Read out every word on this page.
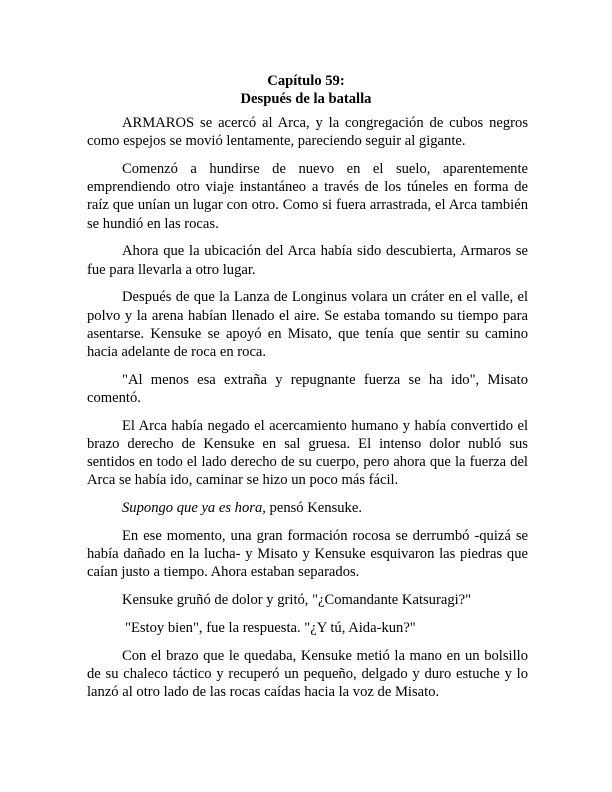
Capítulo 59:
Después de la batalla

ARMAROS se acercó al Arca, y la congregación de cubos negros como espejos se movió lentamente, pareciendo seguir al gigante.

Comenzó a hundirse de nuevo en el suelo, aparentemente emprendiendo otro viaje instantáneo a través de los túneles en forma de raíz que unían un lugar con otro. Como si fuera arrastrada, el Arca también se hundió en las rocas.

Ahora que la ubicación del Arca había sido descubierta, Armaros se fue para llevarla a otro lugar.

Después de que la Lanza de Longinus volara un cráter en el valle, el polvo y la arena habían llenado el aire. Se estaba tomando su tiempo para asentarse. Kensuke se apoyó en Misato, que tenía que sentir su camino hacia adelante de roca en roca.

"Al menos esa extraña y repugnante fuerza se ha ido", Misato comentó.

El Arca había negado el acercamiento humano y había convertido el brazo derecho de Kensuke en sal gruesa. El intenso dolor nubló sus sentidos en todo el lado derecho de su cuerpo, pero ahora que la fuerza del Arca se había ido, caminar se hizo un poco más fácil.

Supongo que ya es hora, pensó Kensuke.

En ese momento, una gran formación rocosa se derrumbó -quizá se había dañado en la lucha- y Misato y Kensuke esquivaron las piedras que caían justo a tiempo. Ahora estaban separados.

Kensuke gruñó de dolor y gritó, "¿Comandante Katsuragi?"

"Estoy bien", fue la respuesta. "¿Y tú, Aida-kun?"

Con el brazo que le quedaba, Kensuke metió la mano en un bolsillo de su chaleco táctico y recuperó un pequeño, delgado y duro estuche y lo lanzó al otro lado de las rocas caídas hacia la voz de Misato.
